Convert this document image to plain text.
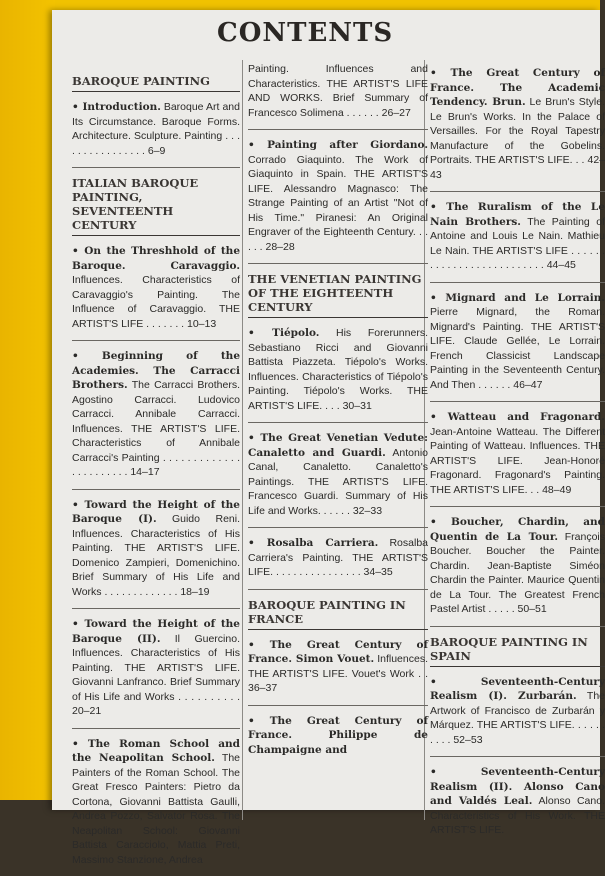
CONTENTS
BAROQUE PAINTING
• Introduction. Baroque Art and Its Circumstance. Baroque Forms. Architecture. Sculpture. Painting . . . . . . . . . . . . . . . . 6–9
ITALIAN BAROQUE PAINTING, SEVENTEENTH CENTURY
• On the Threshhold of the Baroque. Caravaggio. Influences. Characteristics of Caravaggio's Painting. The Influence of Caravaggio. THE ARTIST'S LIFE . . . . . . . 10–13
• Beginning of the Academies. The Carracci Brothers. The Carracci Brothers. Agostino Carracci. Ludovico Carracci. Annibale Carracci. Influences. THE ARTIST'S LIFE. Characteristics of Annibale Carracci's Painting . . . . . . . . . . . . . . . . . . . . . . . 14–17
• Toward the Height of the Baroque (I). Guido Reni. Influences. Characteristics of His Painting. THE ARTIST'S LIFE. Domenico Zampieri, Domenichino. Brief Summary of His Life and Works . . . . . . . . . . . . . 18–19
• Toward the Height of the Baroque (II). Il Guercino. Influences. Characteristics of His Painting. THE ARTIST'S LIFE. Giovanni Lanfranco. Brief Summary of His Life and Works . . . . . . . . . . 20–21
• The Roman School and the Neapolitan School. The Painters of the Roman School. The Great Fresco Painters: Pietro da Cortona, Giovanni Battista Gaulli, Andrea Pozzo, Salvator Rosa. The Neapolitan School: Giovanni Battista Caracciolo, Mattia Preti, Massimo Stanzione, Andrea
Painting. Influences and Characteristics. THE ARTIST'S LIFE AND WORKS. Brief Summary of Francesco Solimena . . . . . . 26–27
• Painting after Giordano. Corrado Giaquinto. The Work of Giaquinto in Spain. THE ARTIST'S LIFE. Alessandro Magnasco: The Strange Painting of an Artist "Not of His Time." Piranesi: An Original Engraver of the Eighteenth Century. . . . . . 28–28
THE VENETIAN PAINTING OF THE EIGHTEENTH CENTURY
• Tiépolo. His Forerunners. Sebastiano Ricci and Giovanni Battista Piazzeta. Tiépolo's Works. Influences. Characteristics of Tiépolo's Painting. Tiépolo's Works. THE ARTIST'S LIFE. . . . 30–31
• The Great Venetian Vedute: Canaletto and Guardi. Antonio Canal, Canaletto. Canaletto's Paintings. THE ARTIST'S LIFE. Francesco Guardi. Summary of His Life and Works. . . . . . 32–33
• Rosalba Carriera. Rosalba Carriera's Painting. THE ARTIST'S LIFE. . . . . . . . . . . . . . . . 34–35
BAROQUE PAINTING IN FRANCE
• The Great Century of France. Simon Vouet. Influences. THE ARTIST'S LIFE. Vouet's Work . . 36–37
• The Great Century of France. Philippe de Champaigne and
• The Great Century of France. The Academic Tendency. Brun. Le Brun's Style. Le Brun's Works. In the Palace of Versailles. For the Royal Tapestry Manufacture of the Gobelins. Portraits. THE ARTIST'S LIFE. . . 42–43
• The Ruralism of the Le Nain Brothers. The Painting of Antoine and Louis Le Nain. Mathieu Le Nain. THE ARTIST'S LIFE . . . . . . . . . . . . . . . . . . . . . . . . . . 44–45
• Mignard and Le Lorrain. Pierre Mignard, the Roman. Mignard's Painting. THE ARTIST'S LIFE. Claude Gellée, Le Lorrain. French Classicist Landscape Painting in the Seventeenth Century. And Then . . . . . . 46–47
• Watteau and Fragonard. Jean-Antoine Watteau. The Different Painting of Watteau. Influences. THE ARTIST'S LIFE. Jean-Honoré Fragonard. Fragonard's Painting. THE ARTIST'S LIFE. . . 48–49
• Boucher, Chardin, and Quentin de La Tour. François Boucher. Boucher the Painter. Chardin. Jean-Baptiste Siméon Chardin the Painter. Maurice Quentin de La Tour. The Greatest French Pastel Artist . . . . . 50–51
BAROQUE PAINTING IN SPAIN
• Seventeenth-Century Realism (I). Zurbarán. The Artwork of Francisco de Zurbarán y Márquez. THE ARTIST'S LIFE. . . . . . . . . . 52–53
• Seventeenth-Century Realism (II). Alonso Cano and Valdés Leal. Alonso Cano. Characteristics of His Work. THE ARTIST'S LIFE.
